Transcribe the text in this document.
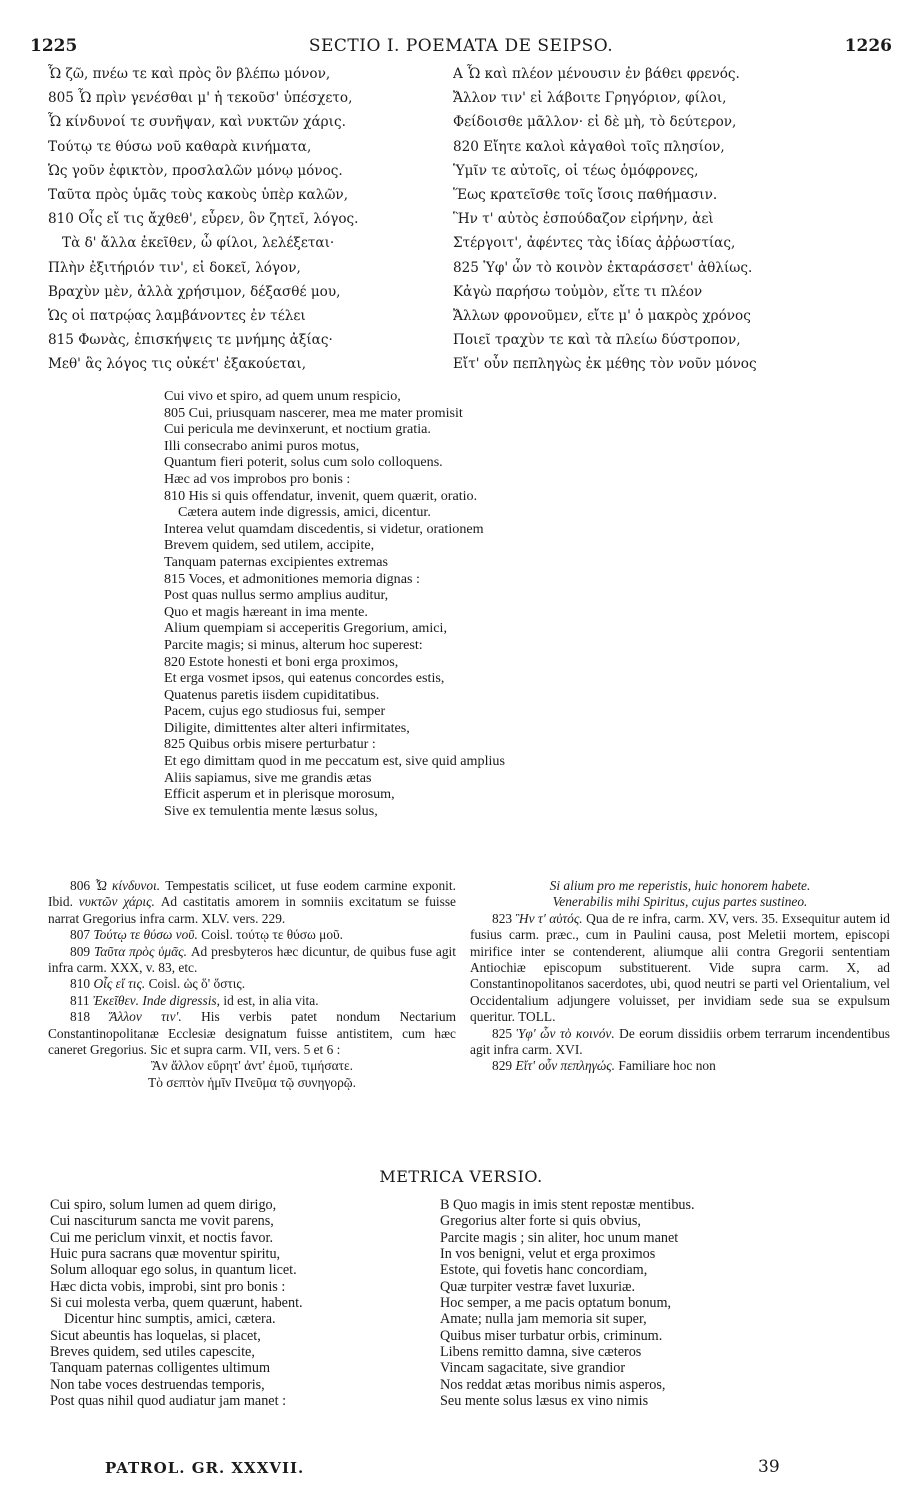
1225	SECTIO I. POEMATA DE SEIPSO.	1226
Ὧ ζῶ, πνέω τε καὶ πρὸς ὃν βλέπω μόνον,
805 Ὧ πρὶν γενέσθαι μ' ἡ τεκοῦσ' ὑπέσχετο,
Ὧ κίνδυνοί τε συνῆψαν, καὶ νυκτῶν χάρις.
Τούτῳ τε θύσω νοῦ καθαρὰ κινήματα,
Ὡς γοῦν ἐφικτὸν, προσλαλῶν μόνῳ μόνος.
Ταῦτα πρὸς ὑμᾶς τοὺς κακοὺς ὑπὲρ καλῶν,
810 Οἷς εἴ τις ἄχθεθ', εὗρεν, ὃν ζητεῖ, λόγος.
Τὰ δ' ἄλλα ἐκεῖθεν, ὦ φίλοι, λελέξεται·
Πλὴν ἐξιτήριόν τιν', εἰ δοκεῖ, λόγον,
Βραχὺν μὲν, ἀλλὰ χρήσιμον, δέξασθέ μου,
Ὡς οἱ πατρῴας λαμβάνοντες ἐν τέλει
815 Φωνὰς, ἐπισκήψεις τε μνήμης ἀξίας·
Μεθ' ἃς λόγος τις οὐκέτ' ἐξακούεται,
A Ὧ καὶ πλέον μένουσιν ἐν βάθει φρενός.
Ἄλλον τιν' εἰ λάβοιτε Γρηγόριον, φίλοι,
Φείδοισθε μᾶλλον· εἰ δὲ μὴ, τὸ δεύτερον,
820 Εἴητε καλοὶ κἀγαθοὶ τοῖς πλησίον,
Ὑμῖν τε αὐτοῖς, οἱ τέως ὁμόφρονες,
Ἕως κρατεῖσθε τοῖς ἴσοις παθήμασιν.
Ἣν τ' αὐτὸς ἐσπούδαζον εἰρήνην, ἀεὶ
Στέργοιτ', ἀφέντες τὰς ἰδίας ἀῤῥωστίας,
825 Ὑφ' ὧν τὸ κοινὸν ἐκταράσσετ' ἀθλίως.
Κἀγὼ παρήσω τοὐμὸν, εἴτε τι πλέον
Ἄλλων φρονοῦμεν, εἴτε μ' ὁ μακρὸς χρόνος
Ποιεῖ τραχὺν τε καὶ τὰ πλείω δύστροπον,
Εἴτ' οὖν πεπληγὼς ἐκ μέθης τὸν νοῦν μόνος
Cui vivo et spiro, ad quem unum respicio,
805 Cui, priusquam nascerer, mea me mater promisit
Cui pericula me devinxerunt, et noctium gratia.
Illi consecrabo animi puros motus,
Quantum fieri poterit, solus cum solo colloquens.
Hæc ad vos improbos pro bonis :
810 His si quis offendatur, invenit, quem quærit, oratio.
Cætera autem inde digressis, amici, dicentur.
Interea velut quamdam discedentis, si videtur, orationem
Brevem quidem, sed utilem, accipite,
Tanquam paternas excipientes extremas
815 Voces, et admonitiones memoria dignas :
Post quas nullus sermo amplius auditur,
Quo et magis hæreant in ima mente.
Alium quempiam si acceperitis Gregorium, amici,
Parcite magis; si minus, alterum hoc superest:
820 Estote honesti et boni erga proximos,
Et erga vosmet ipsos, qui eatenus concordes estis,
Quatenus paretis iisdem cupiditatibus.
Pacem, cujus ego studiosus fui, semper
Diligite, dimittentes alter alteri infirmitates,
825 Quibus orbis misere perturbatur :
Et ego dimittam quod in me peccatum est, sive quid amplius
Aliis sapiamus, sive me grandis ætas
Efficit asperum et in plerisque morosum,
Sive ex temulentia mente læsus solus,

806 Ὧ κίνδυνοι. Tempestatis scilicet, ut fuse eodem carmine exponit. Ibid. νυκτῶν χάρις. Ad castitatis amorem in somniis excitatum se fuisse narrat Gregorius infra carm. XLV. vers. 229.

807 Τούτῳ τε θύσω νοῦ. Coisl. τούτῳ τε θύσω μοῦ.

809 Ταῦτα πρὸς ὑμᾶς. Ad presbyteros hæc dicuntur, de quibus fuse agit infra carm. XXX, v. 83, etc.

810 Οἷς εἴ τις. Coisl. ὡς ὅ' ὅστις.

811 Ἐκεῖθεν. Inde digressis, id est, in alia vita.

818 Ἄλλον τιν'. His verbis patet nondum Nectarium Constantinopolitanæ Ecclesiæ designatum fuisse antistitem, cum hæc caneret Gregorius. Sic et supra carm. VII, vers. 5 et 6 :

Ἂν ἄλλον εὕρητ' ἀντ' ἐμοῦ, τιμήσατε.

Τὸ σεπτὸν ἡμῖν Πνεῦμα τῷ συνηγορῷ.

Si alium pro me reperistis, huic honorem habete.

Venerabilis mihi Spiritus, cujus partes sustineo.

823 Ἣν τ' αὐτός. Qua de re infra, carm. XV, vers. 35. Exsequitur autem id fusius carm. præc., cum in Paulini causa, post Meletii mortem, episcopi mirifice inter se contenderent, aliumque alii contra Gregorii sententiam Antiochiæ episcopum substituerent. Vide supra carm. X, ad Constantinopolitanos sacerdotes, ubi, quod neutri se parti vel Orientalium, vel Occidentalium adjungere voluisset, per invidiam sede sua se expulsum queritur. TOLL.

825 Ὑφ' ὧν τὸ κοινόν. De eorum dissidiis orbem terrarum incendentibus agit infra carm. XVI.

829 Εἴτ' οὖν πεπληγώς. Familiare hoc non

METRICA VERSIO.
Cui spiro, solum lumen ad quem dirigo,
Cui nasciturum sancta me vovit parens,
Cui me periclum vinxit, et noctis favor.
Huic pura sacrans quæ moventur spiritu,
Solum alloquar ego solus, in quantum licet.
Hæc dicta vobis, improbi, sint pro bonis :
Si cui molesta verba, quem quærunt, habent.
Dicentur hinc sumptis, amici, cætera.
Sicut abeuntis has loquelas, si placet,
Breves quidem, sed utiles capescite,
Tanquam paternas colligentes ultimum
Non tabe voces destruendas temporis,
Post quas nihil quod audiatur jam manet :
B Quo magis in imis stent repostæ mentibus.
Gregorius alter forte si quis obvius,
Parcite magis ; sin aliter, hoc unum manet
In vos benigni, velut et erga proximos
Estote, qui fovetis hanc concordiam,
Quæ turpiter vestræ favet luxuriæ.
Hoc semper, a me pacis optatum bonum,
Amate; nulla jam memoria sit super,
Quibus miser turbatur orbis, criminum.
Libens remitto damna, sive cæteros
Vincam sagacitate, sive grandior
Nos reddat ætas moribus nimis asperos,
Seu mente solus læsus ex vino nimis
PATROL. GR. XXXVII.	39
